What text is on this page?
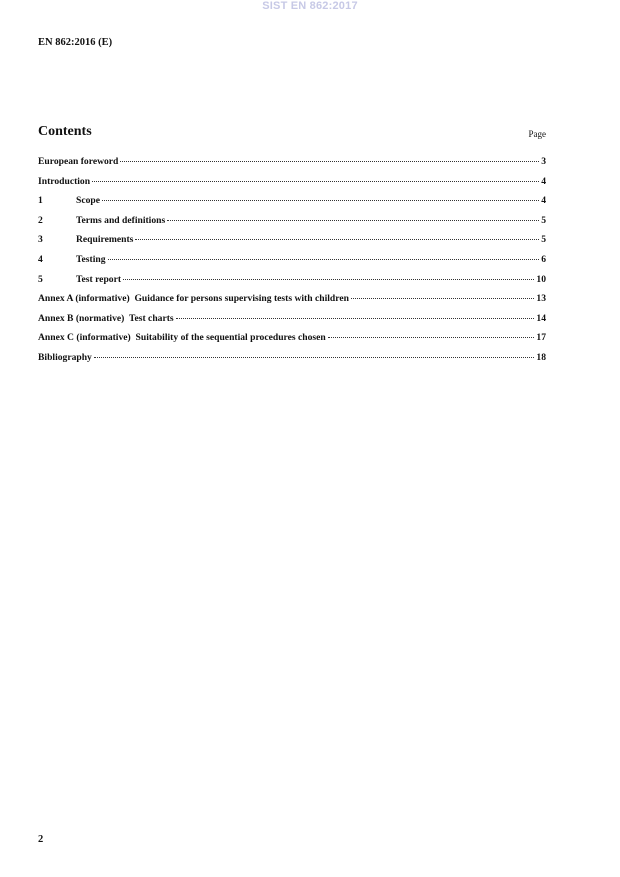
SIST EN 862:2017
EN 862:2016 (E)
Contents	Page
European foreword	3
Introduction	4
1	Scope	4
2	Terms and definitions	5
3	Requirements	5
4	Testing	6
5	Test report	10
Annex A (informative)  Guidance for persons supervising tests with children	13
Annex B (normative)  Test charts	14
Annex C (informative)  Suitability of the sequential procedures chosen	17
Bibliography	18
2
